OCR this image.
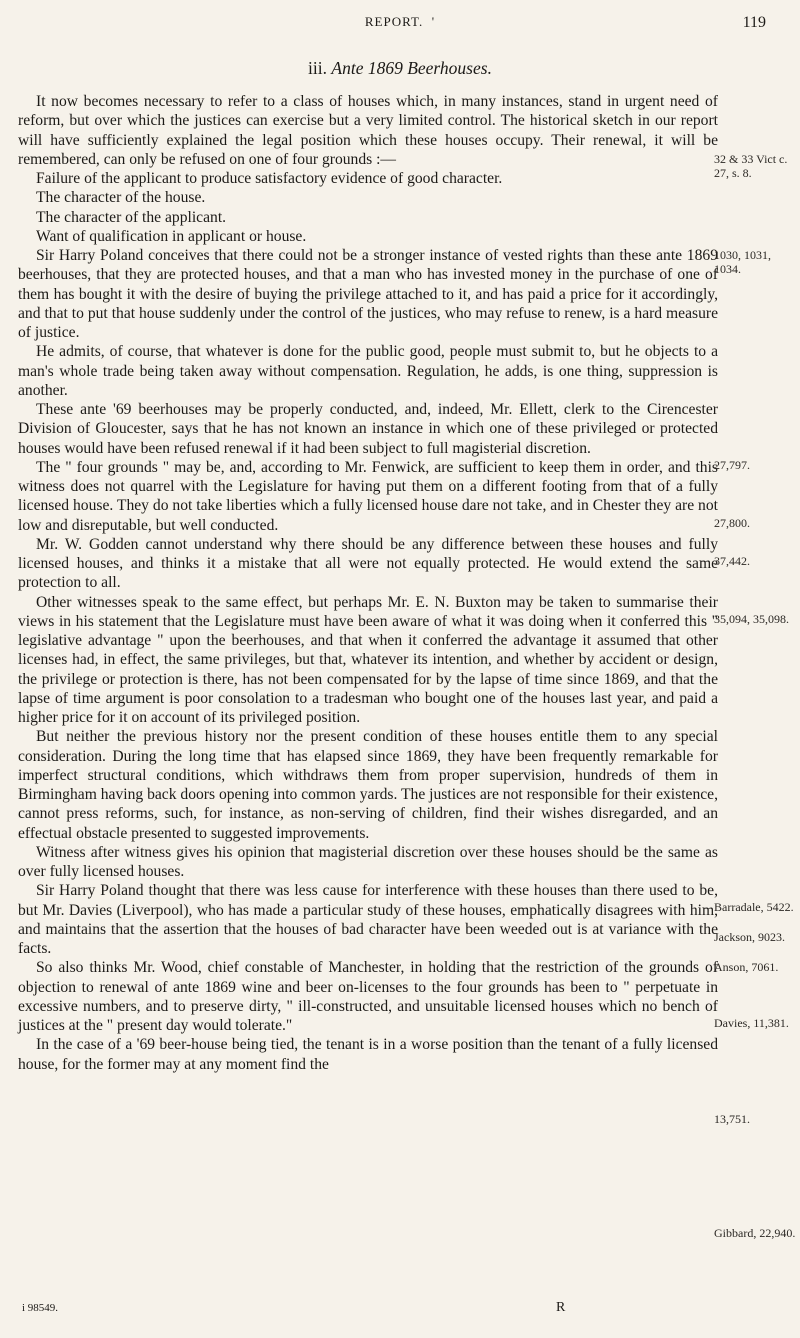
REPORT. '	119
iii. Ante 1869 Beerhouses.

It now becomes necessary to refer to a class of houses which, in many instances, stand in urgent need of reform, but over which the justices can exercise but a very limited control. The historical sketch in our report will have sufficiently explained the legal position which these houses occupy. Their renewal, it will be remembered, can only be refused on one of four grounds :—

Failure of the applicant to produce satisfactory evidence of good character.
The character of the house.
The character of the applicant.
Want of qualification in applicant or house.

Sir Harry Poland conceives that there could not be a stronger instance of vested rights than these ante 1869 beerhouses, that they are protected houses, and that a man who has invested money in the purchase of one of them has bought it with the desire of buying the privilege attached to it, and has paid a price for it accordingly, and that to put that house suddenly under the control of the justices, who may refuse to renew, is a hard measure of justice.

He admits, of course, that whatever is done for the public good, people must submit to, but he objects to a man's whole trade being taken away without compensation. Regulation, he adds, is one thing, suppression is another.

These ante '69 beerhouses may be properly conducted, and, indeed, Mr. Ellett, clerk to the Cirencester Division of Gloucester, says that he has not known an instance in which one of these privileged or protected houses would have been refused renewal if it had been subject to full magisterial discretion.

The " four grounds " may be, and, according to Mr. Fenwick, are sufficient to keep them in order, and this witness does not quarrel with the Legislature for having put them on a different footing from that of a fully licensed house. They do not take liberties which a fully licensed house dare not take, and in Chester they are not low and disreputable, but well conducted.

Mr. W. Godden cannot understand why there should be any difference between these houses and fully licensed houses, and thinks it a mistake that all were not equally protected. He would extend the same protection to all.

Other witnesses speak to the same effect, but perhaps Mr. E. N. Buxton may be taken to summarise their views in his statement that the Legislature must have been aware of what it was doing when it conferred this " legislative advantage " upon the beerhouses, and that when it conferred the advantage it assumed that other licenses had, in effect, the same privileges, but that, whatever its intention, and whether by accident or design, the privilege or protection is there, has not been compensated for by the lapse of time since 1869, and that the lapse of time argument is poor consolation to a tradesman who bought one of the houses last year, and paid a higher price for it on account of its privileged position.

But neither the previous history nor the present condition of these houses entitle them to any special consideration. During the long time that has elapsed since 1869, they have been frequently remarkable for imperfect structural conditions, which withdraws them from proper supervision, hundreds of them in Birmingham having back doors opening into common yards. The justices are not responsible for their existence, cannot press reforms, such, for instance, as non-serving of children, find their wishes disregarded, and an effectual obstacle presented to suggested improvements.

Witness after witness gives his opinion that magisterial discretion over these houses should be the same as over fully licensed houses.

Sir Harry Poland thought that there was less cause for interference with these houses than there used to be, but Mr. Davies (Liverpool), who has made a particular study of these houses, emphatically disagrees with him, and maintains that the assertion that the houses of bad character have been weeded out is at variance with the facts.

So also thinks Mr. Wood, chief constable of Manchester, in holding that the restriction of the grounds of objection to renewal of ante 1869 wine and beer on-licenses to the four grounds has been to " perpetuate in excessive numbers, and to preserve dirty, " ill-constructed, and unsuitable licensed houses which no bench of justices at the " present day would tolerate."

In the case of a '69 beer-house being tied, the tenant is in a worse position than the tenant of a fully licensed house, for the former may at any moment find the

32 & 33 Vict c. 27, s. 8.
1030, 1031, 1034.
27,797.
27,800.
37,442.
35,094, 35,098.
Barradale, 5422.
Jackson, 9023.
Anson, 7061.
Davies, 11,381.
13,751.
Gibbard, 22,940.
i 98549.	R
